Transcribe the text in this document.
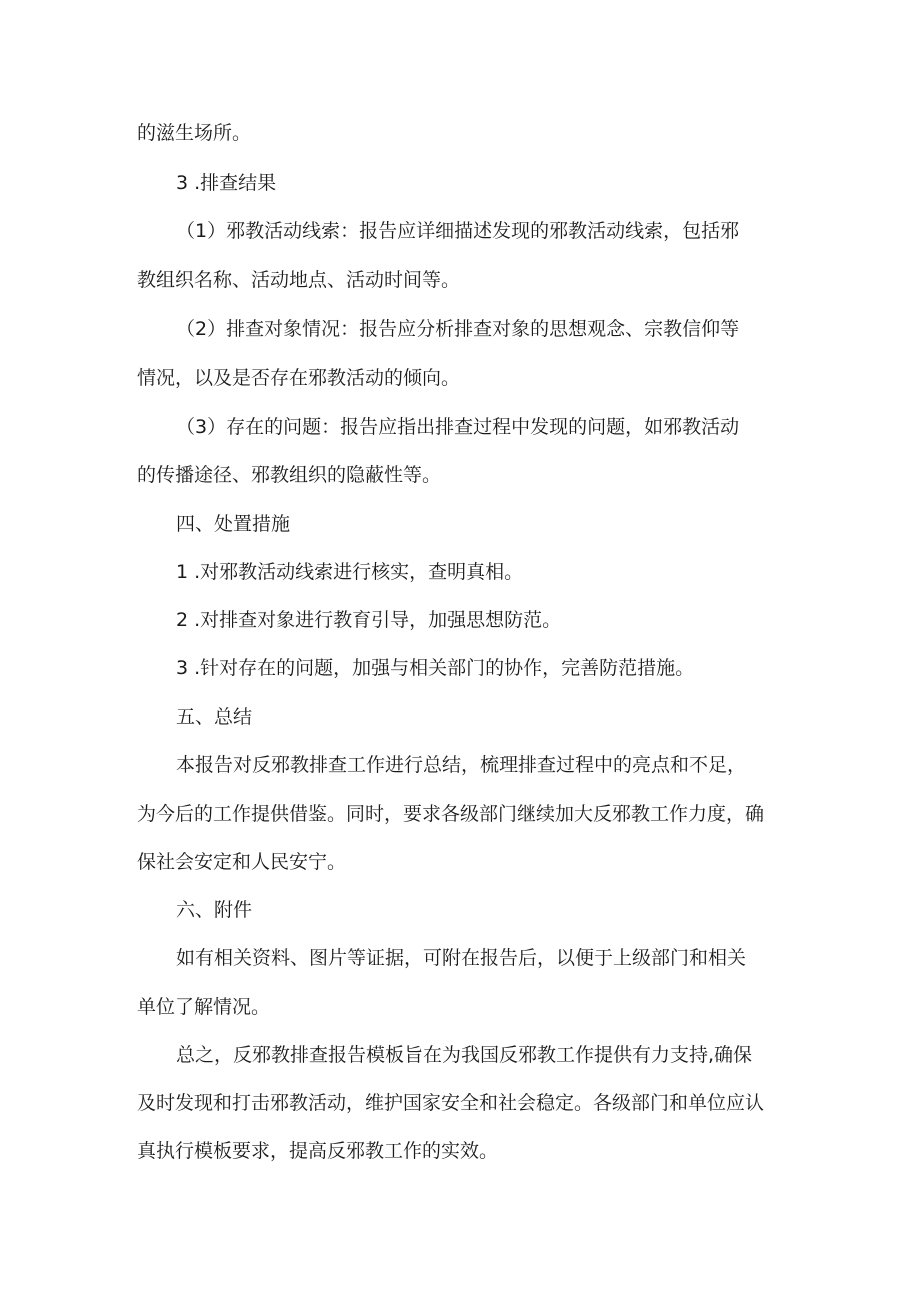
的滋生场所。
3 .排查结果
（1）邪教活动线索：报告应详细描述发现的邪教活动线索，包括邪
教组织名称、活动地点、活动时间等。
（2）排查对象情况：报告应分析排查对象的思想观念、宗教信仰等
情况，以及是否存在邪教活动的倾向。
（3）存在的问题：报告应指出排查过程中发现的问题，如邪教活动
的传播途径、邪教组织的隐蔽性等。
四、处置措施
1 .对邪教活动线索进行核实，查明真相。
2 .对排查对象进行教育引导，加强思想防范。
3 .针对存在的问题，加强与相关部门的协作，完善防范措施。
五、总结
本报告对反邪教排查工作进行总结，梳理排查过程中的亮点和不足，
为今后的工作提供借鉴。同时，要求各级部门继续加大反邪教工作力度，确
保社会安定和人民安宁。
六、附件
如有相关资料、图片等证据，可附在报告后，以便于上级部门和相关
单位了解情况。
总之，反邪教排查报告模板旨在为我国反邪教工作提供有力支持,确保
及时发现和打击邪教活动，维护国家安全和社会稳定。各级部门和单位应认
真执行模板要求，提高反邪教工作的实效。
